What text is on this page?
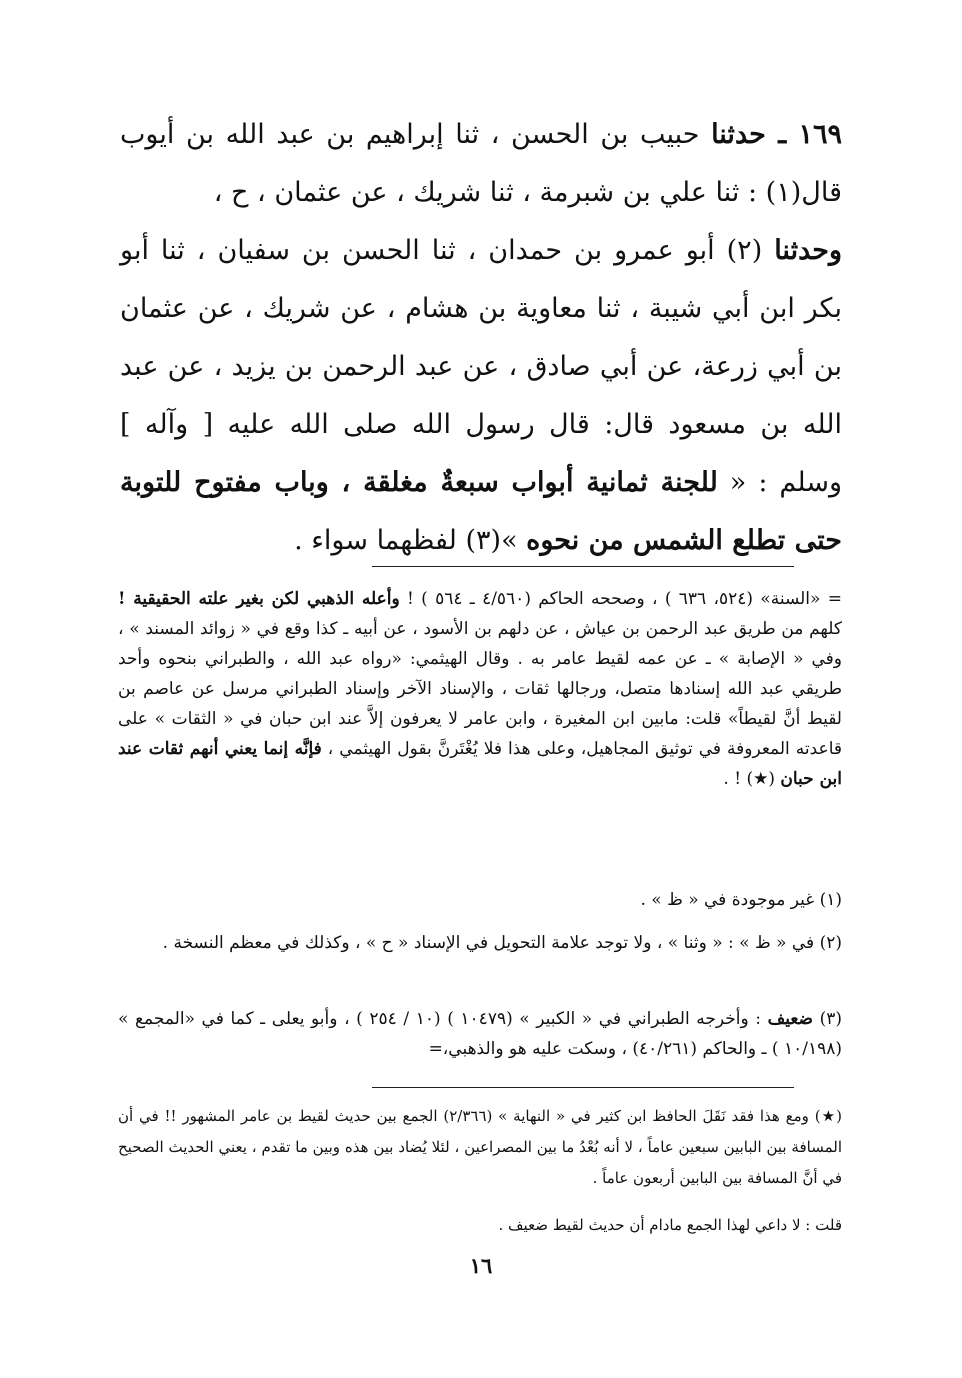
١٦٩ ـ حدثنا حبيب بن الحسن ، ثنا إبراهيم بن عبد الله بن أيوب قال(١) : ثنا علي بن شبرمة ، ثنا شريك ، عن عثمان ، ح ،

وحدثنا (٢) أبو عمرو بن حمدان ، ثنا الحسن بن سفيان ، ثنا أبو بكر ابن أبي شيبة ، ثنا معاوية بن هشام ، عن شريك ، عن عثمان بن أبي زرعة، عن أبي صادق ، عن عبد الرحمن بن يزيد ، عن عبد الله بن مسعود قال: قال رسول الله صلى الله عليه [ وآله ] وسلم : « للجنة ثمانية أبواب سبعةٌ مغلقة ، وباب مفتوح للتوبة حتى تطلع الشمس من نحوه »(٣) لفظهما سواء .

= «السنة» (٥٢٤، ٦٣٦ ) ، وصححه الحاكم (٤/٥٦٠ ـ ٥٦٤ ) ! وأعله الذهبي لكن بغير علته الحقيقية ! كلهم من طريق عبد الرحمن بن عياش ، عن دلهم بن الأسود ، عن أبيه ـ كذا وقع في « زوائد المسند » ، وفي « الإصابة » ـ عن عمه لقيط عامر به . وقال الهيثمي: «رواه عبد الله ، والطبراني بنحوه وأحد طريقي عبد الله إسنادها متصل، ورجالها ثقات ، والإسناد الآخر وإسناد الطبراني مرسل عن عاصم بن لقيط أنَّ لقيطاً» قلت: مابين ابن المغيرة ، وابن عامر لا يعرفون إلاَّ عند ابن حبان في « الثقات » على قاعدته المعروفة في توثيق المجاهيل، وعلى هذا فلا يُغْتَرنَّ بقول الهيثمي ، فإنَّه إنما يعني أنهم ثقات عند ابن حبان (★) ! .

(١) غير موجودة في « ظ » .

(٢) في « ظ » : « وثنا » ، ولا توجد علامة التحويل في الإسناد « ح » ، وكذلك في معظم النسخة .

(٣) ضعيف : وأخرجه الطبراني في « الكبير » (١٠٤٧٩ ) (١٠ / ٢٥٤ ) ، وأبو يعلى ـ كما في «المجمع » (١٠/١٩٨ ) ـ والحاكم (٤٠/٢٦١) ، وسكت عليه هو والذهبي،=

(★) ومع هذا فقد نَقَلَ الحافظ ابن كثير في « النهاية » (٢/٣٦٦) الجمع بين حديث لقيط بن عامر المشهور !! في أن المسافة بين البابين سبعين عاماً ، لا أنه بُعْدُ ما بين المصراعين ، لئلا يُضاد بين هذه وبين ما تقدم ، يعني الحديث الصحيح في أنَّ المسافة بين البابين أربعون عاماً .

قلت : لا داعي لهذا الجمع مادام أن حديث لقيط ضعيف .

١٦
